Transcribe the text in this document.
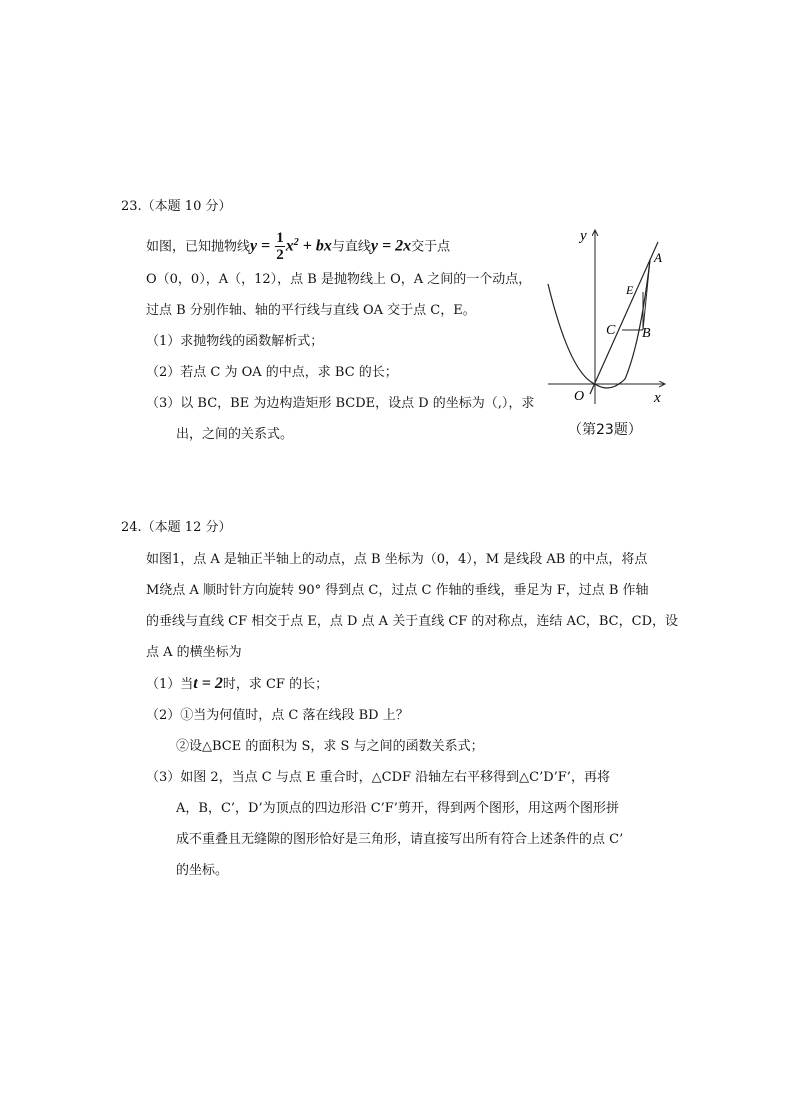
23.（本题 10 分）
如图，已知抛物线$y = \frac{1}{2} x^2$ + bx与直线y = 2x交于点
O（0，0），A（，12），点 B 是抛物线上 O，A 之间的一个动点，
过点 B 分别作轴、轴的平行线与直线 OA 交于点 C，E。
（1）求抛物线的函数解析式；
（2）若点 C 为 OA 的中点，求 BC 的长；
（3）以 BC，BE 为边构造矩形 BCDE，设点 D 的坐标为（,），求
出，之间的关系式。
y
x
O
A
E
C B
（第23题）
24.（本题 12 分）
如图1，点 A 是轴正半轴上的动点，点 B 坐标为（0，4），M 是线段 AB 的中点，将点
M绕点 A 顺时针方向旋转 90° 得到点 C，过点 C 作轴的垂线，垂足为 F，过点 B 作轴
的垂线与直线 CF 相交于点 E，点 D 点 A 关于直线 CF 的对称点，连结 AC，BC，CD，设
点 A 的横坐标为
（1）当t = 2时，求 CF 的长；
（2）①当为何值时，点 C 落在线段 BD 上？
②设△BCE 的面积为 S，求 S 与之间的函数关系式；
（3）如图 2，当点 C 与点 E 重合时，△CDF 沿轴左右平移得到△C’D’F’，再将
A，B，C’，D’为顶点的四边形沿 C’F’剪开，得到两个图形，用这两个图形拼
成不重叠且无缝隙的图形恰好是三角形，请直接写出所有符合上述条件的点 C’
的坐标。
